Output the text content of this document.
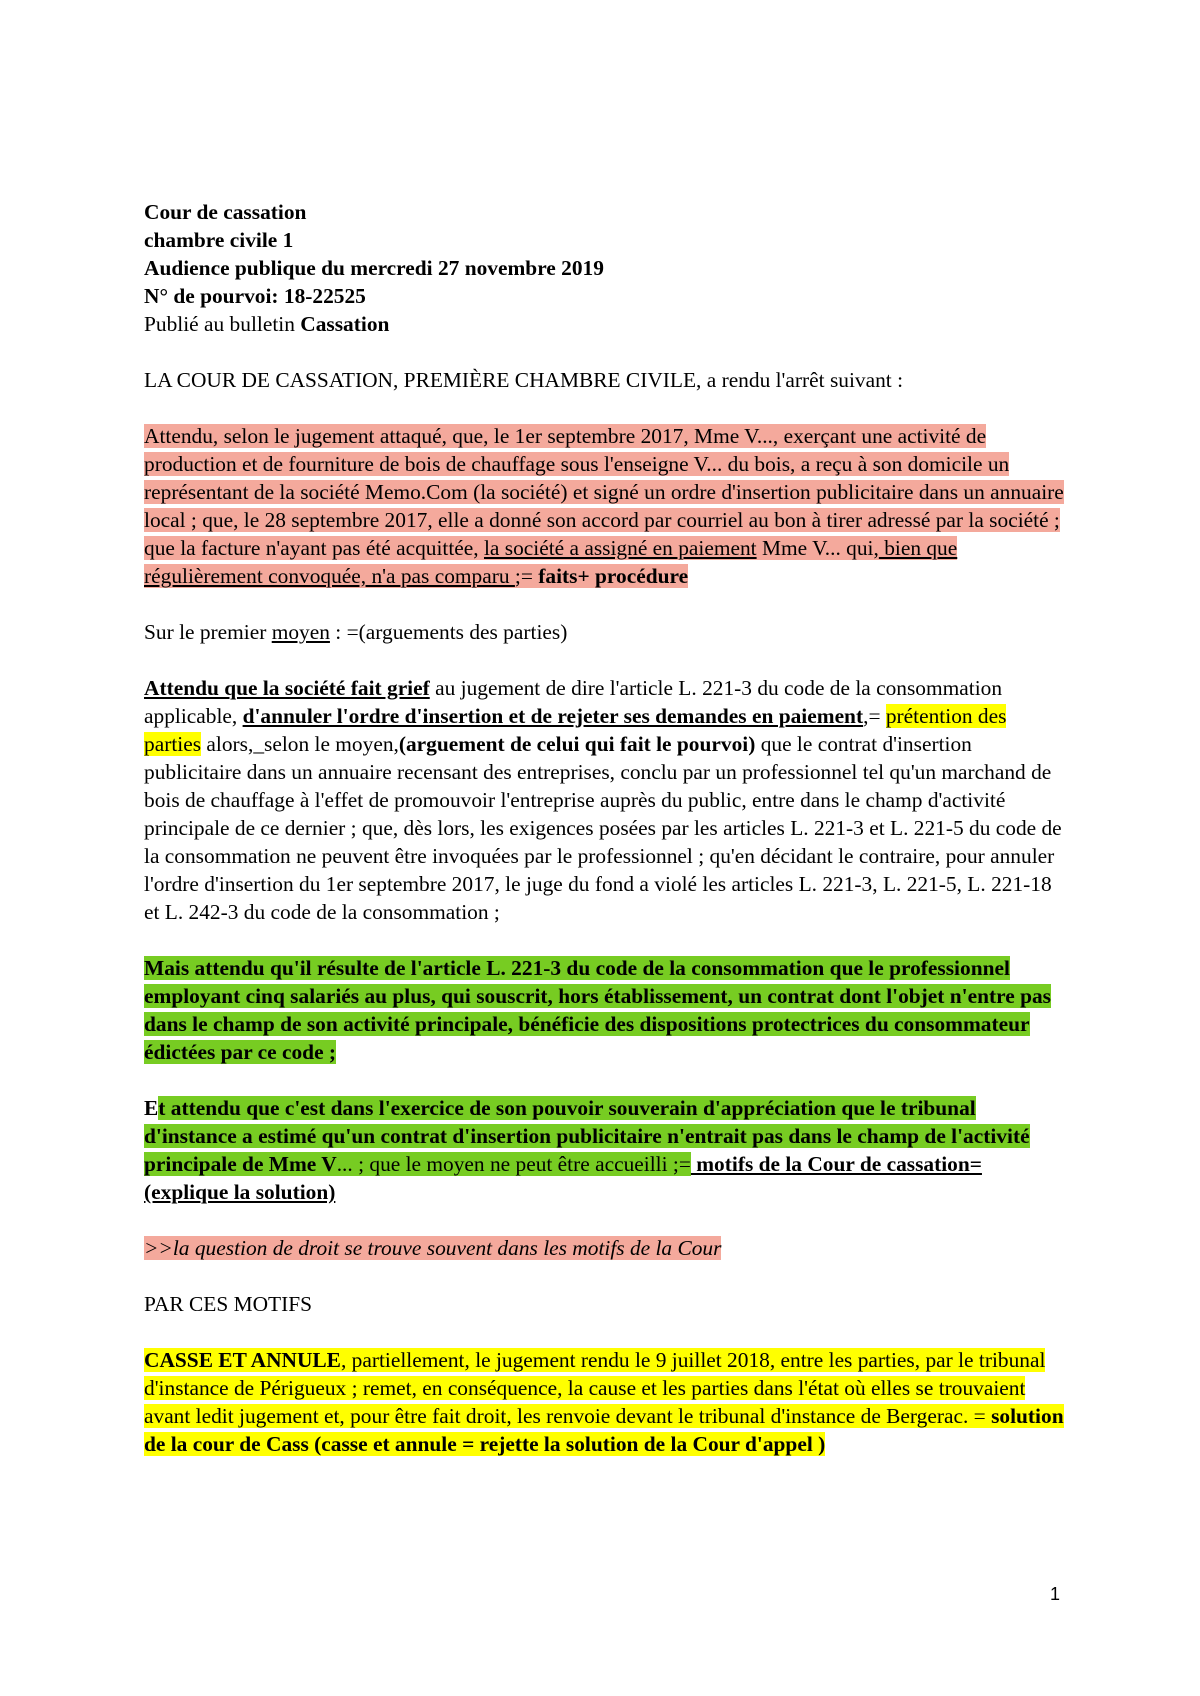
Cour de cassation

chambre civile 1

Audience publique du mercredi 27 novembre 2019

N° de pourvoi: 18-22525

Publié au bulletin Cassation

LA COUR DE CASSATION, PREMIÈRE CHAMBRE CIVILE, a rendu l'arrêt suivant :

Attendu, selon le jugement attaqué, que, le 1er septembre 2017, Mme V..., exerçant une activité de production et de fourniture de bois de chauffage sous l'enseigne V... du bois, a reçu à son domicile un représentant de la société Memo.Com (la société) et signé un ordre d'insertion publicitaire dans un annuaire local ; que, le 28 septembre 2017, elle a donné son accord par courriel au bon à tirer adressé par la société ; que la facture n'ayant pas été acquittée, la société a assigné en paiement Mme V... qui, bien que régulièrement convoquée, n'a pas comparu ;= faits+ procédure

Sur le premier moyen : =(arguements des parties)

Attendu que la société fait grief au jugement de dire l'article L. 221-3 du code de la consommation applicable, d'annuler l'ordre d'insertion et de rejeter ses demandes en paiement,= prétention des parties alors,_selon le moyen,(arguement de celui qui fait le pourvoi) que le contrat d'insertion publicitaire dans un annuaire recensant des entreprises, conclu par un professionnel tel qu'un marchand de bois de chauffage à l'effet de promouvoir l'entreprise auprès du public, entre dans le champ d'activité principale de ce dernier ; que, dès lors, les exigences posées par les articles L. 221-3 et L. 221-5 du code de la consommation ne peuvent être invoquées par le professionnel ; qu'en décidant le contraire, pour annuler l'ordre d'insertion du 1er septembre 2017, le juge du fond a violé les articles L. 221-3, L. 221-5, L. 221-18 et L. 242-3 du code de la consommation ;

Mais attendu qu'il résulte de l'article L. 221-3 du code de la consommation que le professionnel employant cinq salariés au plus, qui souscrit, hors établissement, un contrat dont l'objet n'entre pas dans le champ de son activité principale, bénéficie des dispositions protectrices du consommateur édictées par ce code ;

Et attendu que c'est dans l'exercice de son pouvoir souverain d'appréciation que le tribunal d'instance a estimé qu'un contrat d'insertion publicitaire n'entrait pas dans le champ de l'activité principale de Mme V... ; que le moyen ne peut être accueilli ;= motifs de la Cour de cassation= (explique la solution)

>>la question de droit se trouve souvent dans les motifs de la Cour

PAR CES MOTIFS

CASSE ET ANNULE, partiellement, le jugement rendu le 9 juillet 2018, entre les parties, par le tribunal d'instance de Périgueux ; remet, en conséquence, la cause et les parties dans l'état où elles se trouvaient avant ledit jugement et, pour être fait droit, les renvoie devant le tribunal d'instance de Bergerac. = solution de la cour de Cass (casse et annule = rejette la solution de la Cour d'appel )

1
